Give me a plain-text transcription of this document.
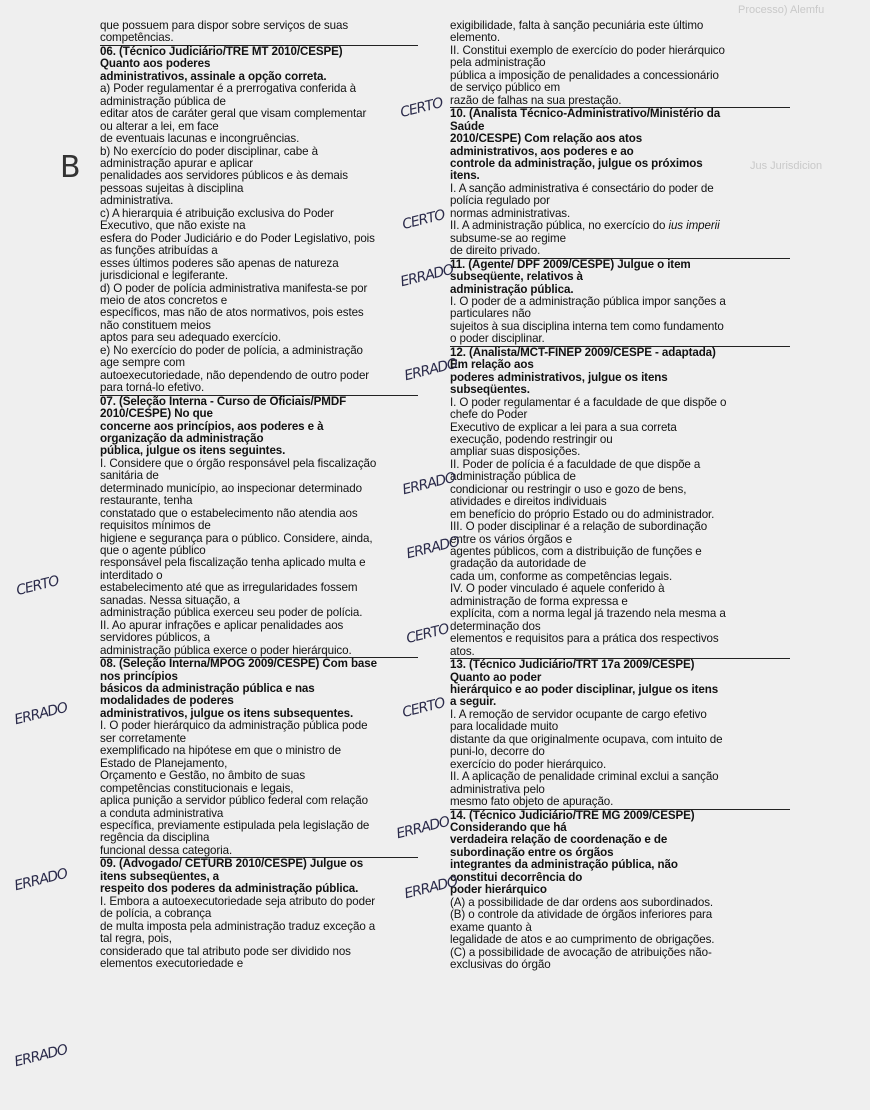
Processo) Alemfu
Jus Jurisdicion
que possuem para dispor sobre serviços de suas
competências.
06. (Técnico Judiciário/TRE MT 2010/CESPE)
Quanto aos poderes
administrativos, assinale a opção correta.
a) Poder regulamentar é a prerrogativa conferida à
administração pública de
editar atos de caráter geral que visam complementar
ou alterar a lei, em face
de eventuais lacunas e incongruências.
b) No exercício do poder disciplinar, cabe à
administração apurar e aplicar
penalidades aos servidores públicos e às demais
pessoas sujeitas à disciplina
administrativa.
c) A hierarquia é atribuição exclusiva do Poder
Executivo, que não existe na
esfera do Poder Judiciário e do Poder Legislativo, pois
as funções atribuídas a
esses últimos poderes são apenas de natureza
jurisdicional e legiferante.
d) O poder de polícia administrativa manifesta-se por
meio de atos concretos e
específicos, mas não de atos normativos, pois estes
não constituem meios
aptos para seu adequado exercício.
e) No exercício do poder de polícia, a administração
age sempre com
autoexecutoriedade, não dependendo de outro poder
para torná-lo efetivo.
07. (Seleção Interna - Curso de Oficiais/PMDF
2010/CESPE) No que
concerne aos princípios, aos poderes e à
organização da administração
pública, julgue os itens seguintes.
I. Considere que o órgão responsável pela fiscalização
sanitária de
determinado município, ao inspecionar determinado
restaurante, tenha
constatado que o estabelecimento não atendia aos
requisitos mínimos de
higiene e segurança para o público. Considere, ainda,
que o agente público
responsável pela fiscalização tenha aplicado multa e
interditado o
estabelecimento até que as irregularidades fossem
sanadas. Nessa situação, a
administração pública exerceu seu poder de polícia.
II. Ao apurar infrações e aplicar penalidades aos
servidores públicos, a
administração pública exerce o poder hierárquico.
08. (Seleção Interna/MPOG 2009/CESPE) Com base
nos princípios
básicos da administração pública e nas
modalidades de poderes
administrativos, julgue os itens subsequentes.
I. O poder hierárquico da administração pública pode
ser corretamente
exemplificado na hipótese em que o ministro de
Estado de Planejamento,
Orçamento e Gestão, no âmbito de suas
competências constitucionais e legais,
aplica punição a servidor público federal com relação
a conduta administrativa
específica, previamente estipulada pela legislação de
regência da disciplina
funcional dessa categoria.
09. (Advogado/ CETURB 2010/CESPE) Julgue os
itens subseqüentes, a
respeito dos poderes da administração pública.
I. Embora a autoexecutoriedade seja atributo do poder
de polícia, a cobrança
de multa imposta pela administração traduz exceção a
tal regra, pois,
considerado que tal atributo pode ser dividido nos
elementos executoriedade e
exigibilidade, falta à sanção pecuniária este último
elemento.
II. Constitui exemplo de exercício do poder hierárquico
pela administração
pública a imposição de penalidades a concessionário
de serviço público em
razão de falhas na sua prestação.
10. (Analista Técnico-Administrativo/Ministério da
Saúde
2010/CESPE) Com relação aos atos
administrativos, aos poderes e ao
controle da administração, julgue os próximos
itens.
I. A sanção administrativa é consectário do poder de
polícia regulado por
normas administrativas.
II. A administração pública, no exercício do ius imperii
subsume-se ao regime
de direito privado.
11. (Agente/ DPF 2009/CESPE) Julgue o item
subseqüente, relativos à
administração pública.
I. O poder de a administração pública impor sanções a
particulares não
sujeitos à sua disciplina interna tem como fundamento
o poder disciplinar.
12. (Analista/MCT-FINEP 2009/CESPE - adaptada)
Em relação aos
poderes administrativos, julgue os itens
subseqüentes.
I. O poder regulamentar é a faculdade de que dispõe o
chefe do Poder
Executivo de explicar a lei para a sua correta
execução, podendo restringir ou
ampliar suas disposições.
II. Poder de polícia é a faculdade de que dispõe a
administração pública de
condicionar ou restringir o uso e gozo de bens,
atividades e direitos individuais
em benefício do próprio Estado ou do administrador.
III. O poder disciplinar é a relação de subordinação
entre os vários órgãos e
agentes públicos, com a distribuição de funções e
gradação da autoridade de
cada um, conforme as competências legais.
IV. O poder vinculado é aquele conferido à
administração de forma expressa e
explícita, com a norma legal já trazendo nela mesma a
determinação dos
elementos e requisitos para a prática dos respectivos
atos.
13. (Técnico Judiciário/TRT 17a 2009/CESPE)
Quanto ao poder
hierárquico e ao poder disciplinar, julgue os itens
a seguir.
I. A remoção de servidor ocupante de cargo efetivo
para localidade muito
distante da que originalmente ocupava, com intuito de
puni-lo, decorre do
exercício do poder hierárquico.
II. A aplicação de penalidade criminal exclui a sanção
administrativa pelo
mesmo fato objeto de apuração.
14. (Técnico Judiciário/TRE MG 2009/CESPE)
Considerando que há
verdadeira relação de coordenação e de
subordinação entre os órgãos
integrantes da administração pública, não
constitui decorrência do
poder hierárquico
(A) a possibilidade de dar ordens aos subordinados.
(B) o controle da atividade de órgãos inferiores para
exame quanto à
legalidade de atos e ao cumprimento de obrigações.
(C) a possibilidade de avocação de atribuições não-
exclusivas do órgão
B
CERTO
CERTO
ERRADO
ERRADO
ERRADO
ERRADO
CERTO
CERTO
ERRADO
ERRADO
CERTO
ERRADO
ERRADO
ERRADO
